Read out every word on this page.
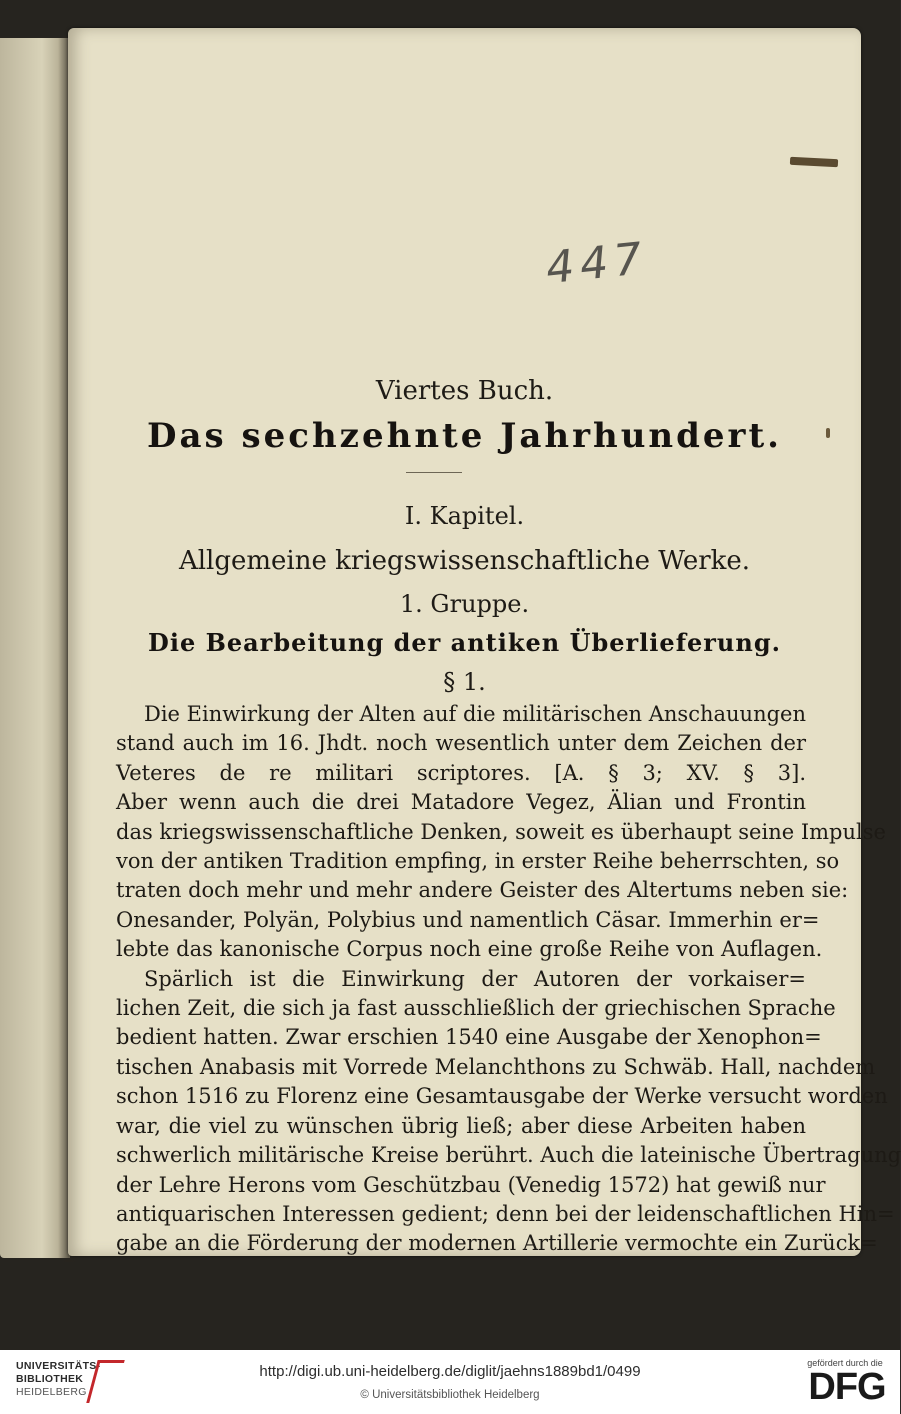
447
Viertes Buch.
Das sechzehnte Jahrhundert.
I. Kapitel.
Allgemeine kriegswissenschaftliche Werke.
1. Gruppe.
Die Bearbeitung der antiken Überlieferung.
§ 1.
Die Einwirkung der Alten auf die militärischen Anschauungen
stand auch im 16. Jhdt. noch wesentlich unter dem Zeichen der
Veteres de re militari scriptores. [A. § 3; XV. § 3].
Aber wenn auch die drei Matadore Vegez, Älian und Frontin
das kriegswissenschaftliche Denken, soweit es überhaupt seine Impulse
von der antiken Tradition empfing, in erster Reihe beherrschten, so
traten doch mehr und mehr andere Geister des Altertums neben sie:
Onesander, Polyän, Polybius und namentlich Cäsar. Immerhin er=
lebte das kanonische Corpus noch eine große Reihe von Auflagen.
Spärlich ist die Einwirkung der Autoren der vorkaiser=
lichen Zeit, die sich ja fast ausschließlich der griechischen Sprache
bedient hatten. Zwar erschien 1540 eine Ausgabe der Xenophon=
tischen Anabasis mit Vorrede Melanchthons zu Schwäb. Hall, nachdem
schon 1516 zu Florenz eine Gesamtausgabe der Werke versucht worden
war, die viel zu wünschen übrig ließ; aber diese Arbeiten haben
schwerlich militärische Kreise berührt. Auch die lateinische Übertragung
der Lehre Herons vom Geschützbau (Venedig 1572) hat gewiß nur
antiquarischen Interessen gedient; denn bei der leidenschaftlichen Hin=
gabe an die Förderung der modernen Artillerie vermochte ein Zurück=
UNIVERSITÄTS-
BIBLIOTHEK
HEIDELBERG
http://digi.ub.uni-heidelberg.de/diglit/jaehns1889bd1/0499
© Universitätsbibliothek Heidelberg
gefördert durch die
DFG
